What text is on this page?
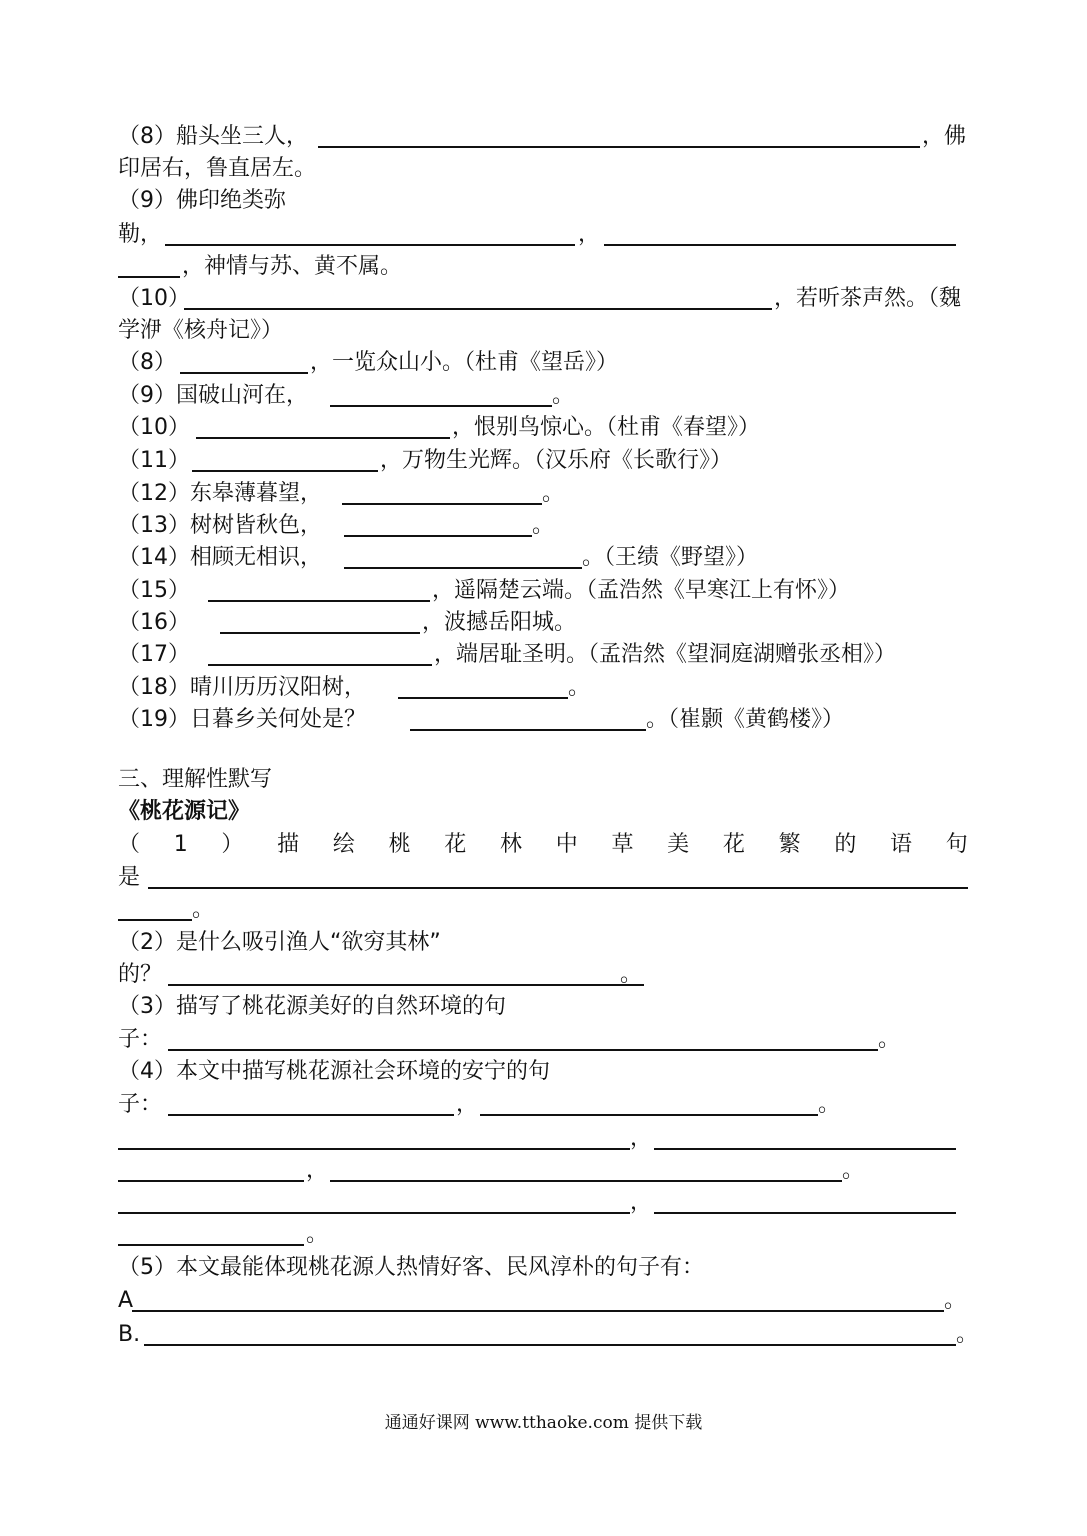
（8）船头坐三人，	，佛
印居右，鲁直居左。
（9）佛印绝类弥
勒，	，
，神情与苏、黄不属。
（10）	，若听茶声然。（魏
学洢《核舟记》）
（8）	，一览众山小。（杜甫《望岳》）
（9）国破山河在，	。
（10）	，恨别鸟惊心。（杜甫《春望》）
（11）	，万物生光辉。（汉乐府《长歌行》）
（12）东皋薄暮望，	。
（13）树树皆秋色，	。
（14）相顾无相识，	。（王绩《野望》）
（15）	，遥隔楚云端。（孟浩然《早寒江上有怀》）
（16）	，波撼岳阳城。
（17）	，端居耻圣明。（孟浩然《望洞庭湖赠张丞相》）
（18）晴川历历汉阳树，	。
（19）日暮乡关何处是？	。（崔颢《黄鹤楼》）
三、理解性默写
《桃花源记》
（ 1 ） 描 绘 桃 花 林 中 草 美 花 繁 的 语 句
是
。
（2）是什么吸引渔人“欲穷其林”
的？	。
（3）描写了桃花源美好的自然环境的句
子：	。
（4）本文中描写桃花源社会环境的安宁的句
子：	，	。
，
，	。
，
。
（5）本文最能体现桃花源人热情好客、民风淳朴的句子有：
A	。
B.	。
通通好课网 www.tthaoke.com 提供下载
